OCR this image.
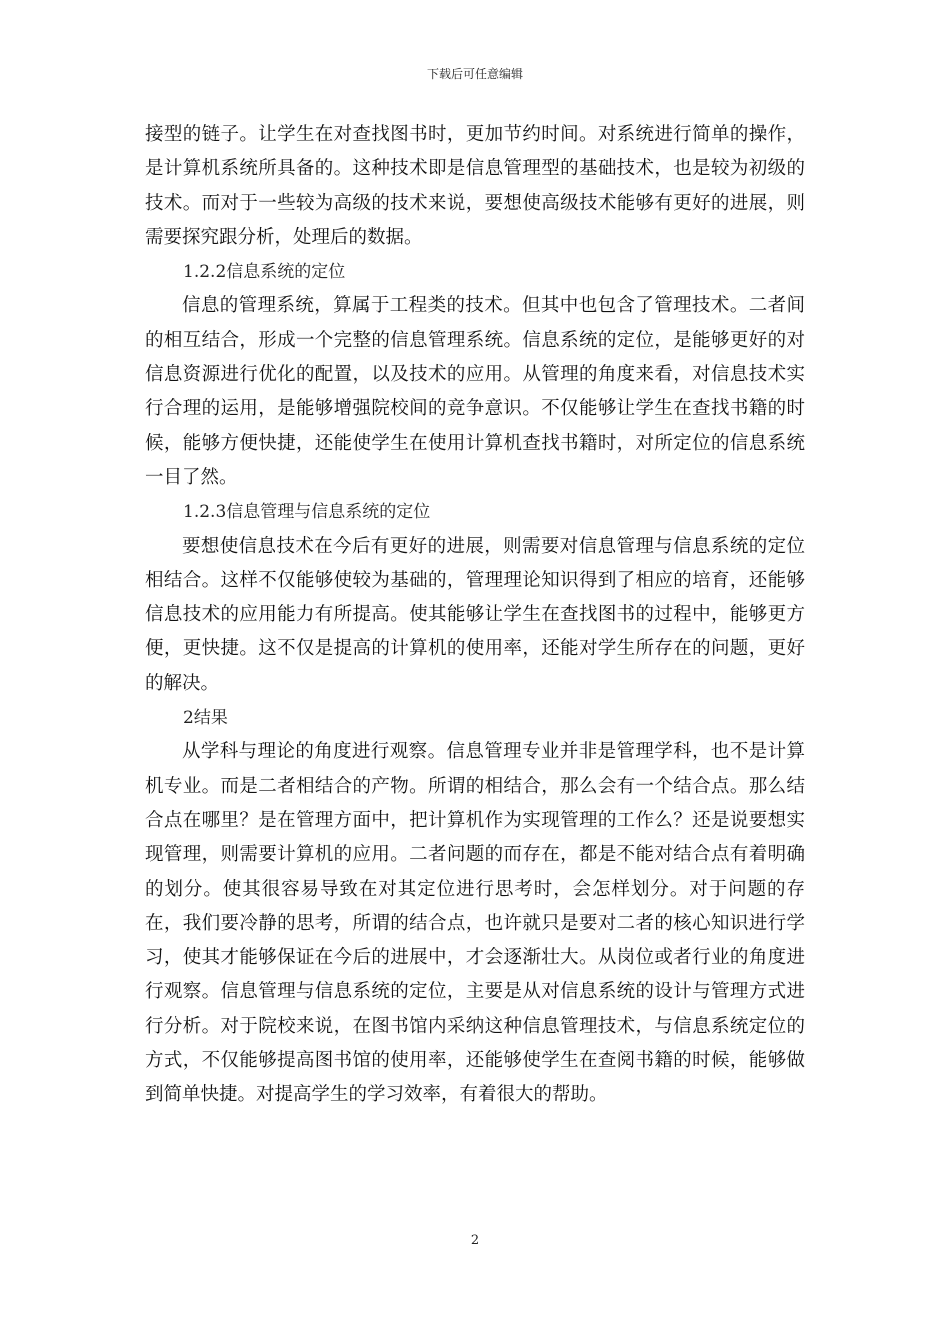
下载后可任意编辑

接型的链子。让学生在对查找图书时，更加节约时间。对系统进行简单的操作，是计算机系统所具备的。这种技术即是信息管理型的基础技术，也是较为初级的技术。而对于一些较为高级的技术来说，要想使高级技术能够有更好的进展，则需要探究跟分析，处理后的数据。

1.2.2信息系统的定位

信息的管理系统，算属于工程类的技术。但其中也包含了管理技术。二者间的相互结合，形成一个完整的信息管理系统。信息系统的定位，是能够更好的对信息资源进行优化的配置，以及技术的应用。从管理的角度来看，对信息技术实行合理的运用，是能够增强院校间的竞争意识。不仅能够让学生在查找书籍的时候，能够方便快捷，还能使学生在使用计算机查找书籍时，对所定位的信息系统一目了然。

1.2.3信息管理与信息系统的定位

要想使信息技术在今后有更好的进展，则需要对信息管理与信息系统的定位相结合。这样不仅能够使较为基础的，管理理论知识得到了相应的培育，还能够信息技术的应用能力有所提高。使其能够让学生在查找图书的过程中，能够更方便，更快捷。这不仅是提高的计算机的使用率，还能对学生所存在的问题，更好的解决。

2结果

从学科与理论的角度进行观察。信息管理专业并非是管理学科，也不是计算机专业。而是二者相结合的产物。所谓的相结合，那么会有一个结合点。那么结合点在哪里？是在管理方面中，把计算机作为实现管理的工作么？还是说要想实现管理，则需要计算机的应用。二者问题的而存在，都是不能对结合点有着明确的划分。使其很容易导致在对其定位进行思考时，会怎样划分。对于问题的存在，我们要冷静的思考，所谓的结合点，也许就只是要对二者的核心知识进行学习，使其才能够保证在今后的进展中，才会逐渐壮大。从岗位或者行业的角度进行观察。信息管理与信息系统的定位，主要是从对信息系统的设计与管理方式进行分析。对于院校来说，在图书馆内采纳这种信息管理技术，与信息系统定位的方式，不仅能够提高图书馆的使用率，还能够使学生在查阅书籍的时候，能够做到简单快捷。对提高学生的学习效率，有着很大的帮助。

2
